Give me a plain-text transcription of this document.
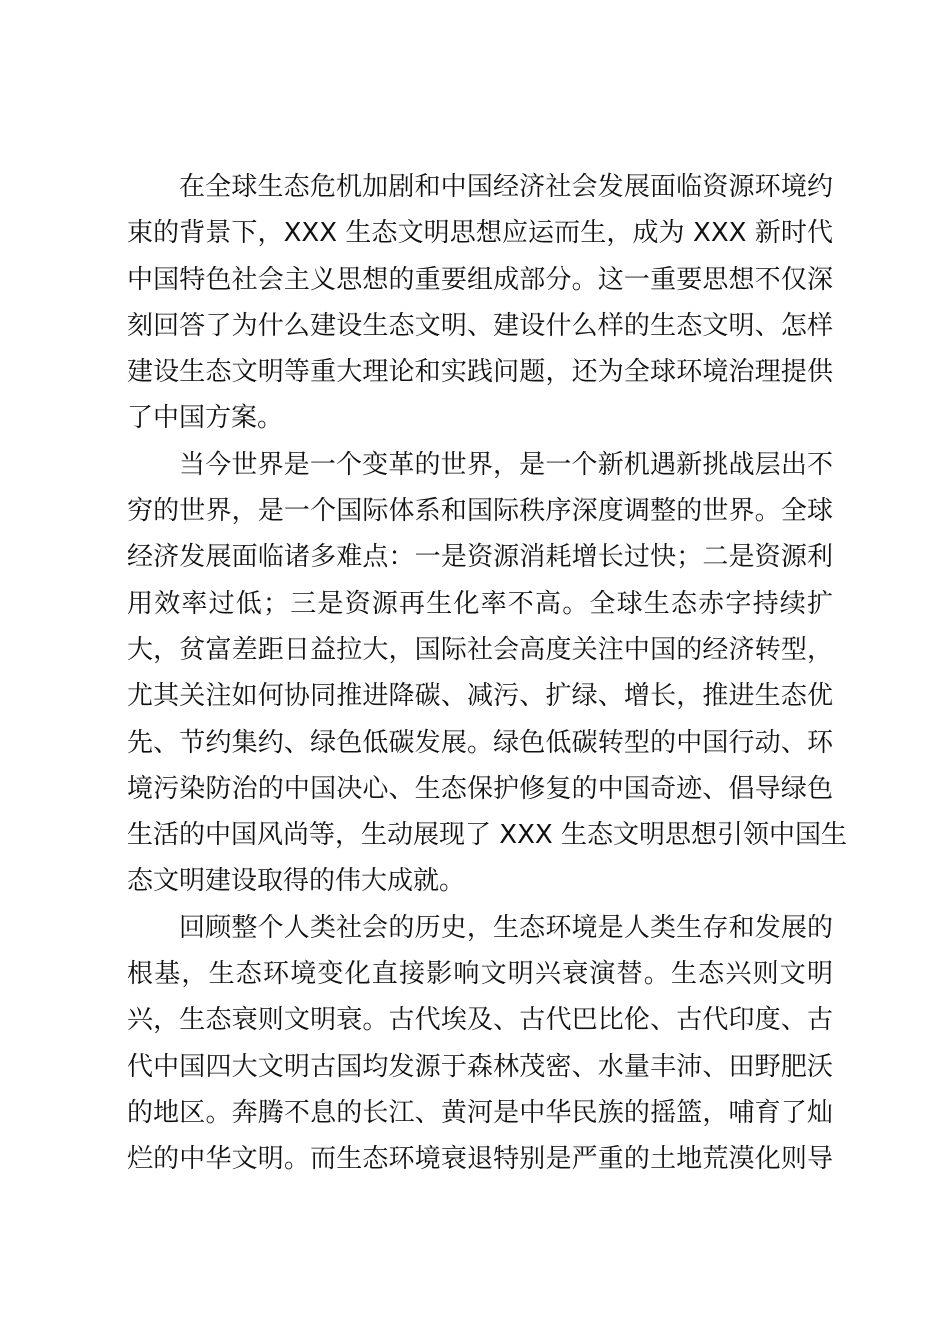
在全球生态危机加剧和中国经济社会发展面临资源环境约
束的背景下，XXX 生态文明思想应运而生，成为 XXX 新时代
中国特色社会主义思想的重要组成部分。这一重要思想不仅深
刻回答了为什么建设生态文明、建设什么样的生态文明、怎样
建设生态文明等重大理论和实践问题，还为全球环境治理提供
了中国方案。
当今世界是一个变革的世界，是一个新机遇新挑战层出不
穷的世界，是一个国际体系和国际秩序深度调整的世界。全球
经济发展面临诸多难点：一是资源消耗增长过快；二是资源利
用效率过低；三是资源再生化率不高。全球生态赤字持续扩
大，贫富差距日益拉大，国际社会高度关注中国的经济转型，
尤其关注如何协同推进降碳、减污、扩绿、增长，推进生态优
先、节约集约、绿色低碳发展。绿色低碳转型的中国行动、环
境污染防治的中国决心、生态保护修复的中国奇迹、倡导绿色
生活的中国风尚等，生动展现了 XXX 生态文明思想引领中国生
态文明建设取得的伟大成就。
回顾整个人类社会的历史，生态环境是人类生存和发展的
根基，生态环境变化直接影响文明兴衰演替。生态兴则文明
兴，生态衰则文明衰。古代埃及、古代巴比伦、古代印度、古
代中国四大文明古国均发源于森林茂密、水量丰沛、田野肥沃
的地区。奔腾不息的长江、黄河是中华民族的摇篮，哺育了灿
烂的中华文明。而生态环境衰退特别是严重的土地荒漠化则导
